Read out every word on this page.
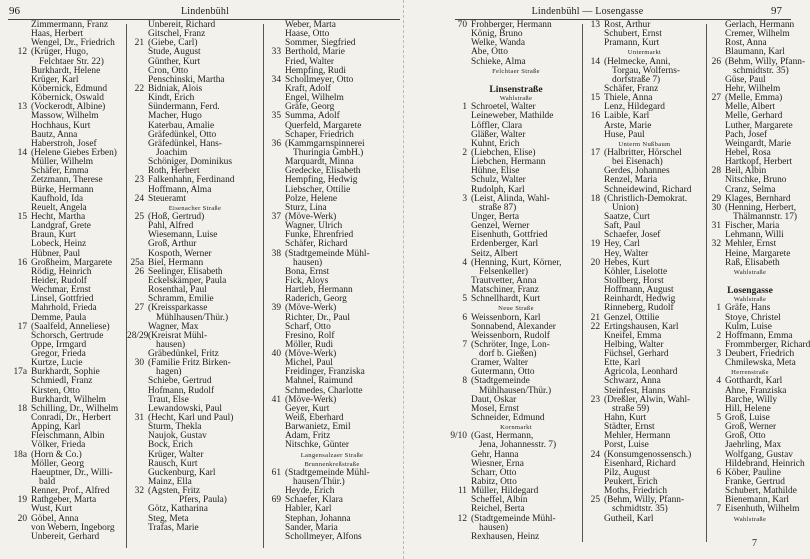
96	Lindenbühl
Zimmermann, Franz
Haas, Herbert
Wengel, Dr., Friedrich
12 (Krüger, Hugo,
Felchtaer Str. 22)
Burkhardt, Helene
Krüger, Karl
Köbernick, Edmund
Köbernick, Oswald
13 (Vockerodt, Albine)
Massow, Wilhelm
Hochhaus, Kurt
Bautz, Anna
Haberstroh, Josef
14 (Helene Giebes Erben)
Müller, Wilhelm
Schäfer, Emma
Zetzmann, Therese
Bürke, Hermann
Kaufhold, Ida
Reuelt, Angela
15 Hecht, Martha
Landgraf, Grete
Braun, Kurt
Lobeck, Heinz
Hübner, Paul
16 Großheim, Margarete
Rödig, Heinrich
Heider, Rudolf
Wechmar, Ernst
Linsel, Gottfried
Mahrhold, Frieda
Demme, Paula
17 (Saalfeld, Anneliese)
Schorsch, Gertrude
Oppe, Irmgard
Gregor, Frieda
Kurtze, Lucie
17a Burkhardt, Sophie
Schmiedl, Franz
Kirsten, Otto
Burkhardt, Wilhelm
18 Schilling, Dr., Wilhelm
Conradi, Dr., Herbert
Apping, Karl
Fleischmann, Albin
Völker, Frieda
18a (Horn & Co.)
Möller, Georg
Haeuptner, Dr., Willi-
bald
Renner, Prof., Alfred
19 Rathgeber, Marta
Wust, Kurt
20 Göbel, Anna
von Webern, Ingeborg
Unbereit, Gerhard
Unbereit, Richard
Gitschel, Franz
21 (Giebe, Carl)
Stude, August
Günther, Kurt
Cron, Otto
Penschinski, Martha
22 Bidniak, Alois
Kindt, Erich
Sündermann, Ferd.
Macher, Hugo
Katerbau, Amalie
Gräfedünkel, Otto
Gräfedünkel, Hans-
Joachim
Schöniger, Dominikus
Roth, Herbert
23 Falkenhahn, Ferdinand
Hoffmann, Alma
24 Steueramt
Eisenacher Straße
25 (Hoß, Gertrud)
Pahl, Alfred
Wiesemann, Luise
Groß, Arthur
Kospoth, Werner
25a Biel, Hermann
26 Seelinger, Elisabeth
Eckelskämper, Paula
Rosenthal, Paul
Schramm, Emilie
27 (Kreissparkasse
Mühlhausen/Thür.)
Wagner, Max
28/29 (Kreisrat Mühl-
hausen)
Gräbedünkel, Fritz
30 (Familie Fritz Birken-
hagen)
Schiebe, Gertrud
Hofmann, Rudolf
Traut, Else
Lewandowski, Paul
31 (Hecht, Karl und Paul)
Sturm, Thekla
Naujok, Gustav
Bock, Erich
Krüger, Walter
Rausch, Kurt
Guckenburg, Karl
Mainz, Ella
32 (Agsten, Fritz
Pfers, Paula)
Götz, Katharina
Steg, Meta
Trafas, Marie
Weber, Marta
Haase, Otto
Sommer, Siegfried
33 Berthold, Marie
Fried, Walter
Hempfing, Rudi
34 Schollmeyer, Otto
Kraft, Adolf
Engel, Wilhelm
Gräfe, Georg
35 Summa, Adolf
Querfeld, Margarete
Schaper, Friedrich
36 (Kammgarnspinnerei
Thuringia GmbH.)
Marquardt, Minna
Gredecke, Elisabeth
Hempfing, Hedwig
Liebscher, Ottilie
Polze, Helene
Sturz, Lina
37 (Möve-Werk)
Wagner, Ulrich
Funke, Ehrenfried
Schäfer, Richard
38 (Stadtgemeinde Mühl-
hausen)
Bona, Ernst
Fick, Aloys
Hartleb, Hermann
Raderich, Georg
39 (Möve-Werk)
Richter, Dr., Paul
Scharf, Otto
Fresino, Rolf
Möller, Rudi
40 (Möve-Werk)
Michel, Paul
Freidinger, Franziska
Mahnel, Raimund
Schmedes, Charlotte
41 (Möve-Werk)
Geyer, Kurt
Weiß, Eberhard
Barwanietz, Emil
Adam, Fritz
Nitschke, Günter
Langensalzaer Straße
Brunnenkreßstraße
61 (Stadtgemeinde Mühl-
hausen/Thür.)
Heyde, Erich
69 Schaefer, Klara
Habler, Karl
Stephan, Johanna
Sander, Maria
Schollmeyer, Alfons
Lindenbühl — Losengasse	97
70 Frohberger, Hermann
König, Bruno
Welke, Wanda
Abe, Otto
Schieke, Alma
Felchtaer Straße
Linsenstraße
Wahlstraße
1 Schroetel, Walter
Leineweber, Mathilde
Löffler, Clara
Gläßer, Walter
Kuhnt, Erich
2 (Liebchen, Elise)
Liebchen, Hermann
Hühne, Elise
Schulz, Walter
Rudolph, Karl
3 (Leist, Alinda, Wahl-
straße 87)
Unger, Berta
Genzel, Werner
Eisenhuth, Gottfried
Erdenberger, Karl
Seitz, Albert
4 (Henning, Kurt, Körner,
Felsenkeller)
Trautvetter, Anna
Matschiner, Franz
5 Schnellhardt, Kurt
Neue Straße
6 Weissenborn, Karl
Sonnabend, Alexander
Weissenborn, Rudolf
7 (Schröter, Inge, Lon-
dorf b. Gießen)
Cramer, Walter
Gutermann, Otto
8 (Stadtgemeinde
Mühlhausen/Thür.)
Daut, Oskar
Mosel, Ernst
Schneider, Edmund
Kornmarkt
9/10 (Gast, Hermann,
Jena, Johannesstr. 7)
Gehr, Hanna
Wiesner, Erna
Scharr, Otto
Rabitz, Otto
11 Müller, Hildegard
Scheffel, Albin
Reichel, Berta
12 (Stadtgemeinde Mühl-
hausen)
Rexhausen, Heinz
13 Rost, Arthur
Schubert, Ernst
Pramann, Kurt
Untermarkt
14 (Helmecke, Anni,
Torgau, Wolferns-
dorfstraße 7)
Schäfer, Franz
15 Thiele, Anna
Lenz, Hildegard
16 Laible, Karl
Arste, Marie
Huse, Paul
Unterm Nußbaum
17 (Halbritter, Hörschel
bei Eisenach)
Gerdes, Johannes
Renzel, Maria
Schneidewind, Richard
18 (Christlich-Demokrat.
Union)
Saatze, Curt
Saft, Paul
Schaefer, Josef
19 Hey, Carl
Hey, Walter
20 Hebes, Kurt
Köhler, Liselotte
Stollberg, Horst
Hoffmann, August
Reinhardt, Hedwig
Rinneberg, Rudolf
21 Genzel, Ottilie
22 Ertingshausen, Karl
Kneifel, Emma
Helbing, Walter
Füchsel, Gerhard
Ette, Karl
Agricola, Leonhard
Schwarz, Anna
Steinfest, Hanns
23 (Dreßler, Alwin, Wahl-
straße 59)
Hahn, Kurt
Städter, Ernst
Mehler, Hermann
Porst, Luise
24 (Konsumgenossensch.)
Eisenhard, Richard
Pilz, August
Peukert, Erich
Moths, Friedrich
25 (Behm, Willy, Pfann-
schmidtstr. 35)
Gutheil, Karl
Gerlach, Hermann
Cremer, Wilhelm
Rost, Anna
Blaumann, Karl
26 (Behm, Willy, Pfann-
schmidtstr. 35)
Güse, Paul
Hehr, Wilhelm
27 (Melle, Emma)
Melle, Albert
Melle, Gerhard
Luther, Margarete
Pach, Josef
Weingardt, Marie
Hebel, Rosa
Hartkopf, Herbert
28 Beil, Albin
Nitschke, Bruno
Cranz, Selma
29 Klages, Bernhard
30 (Henning, Herbert,
Thälmannstr. 17)
31 Fischer, Maria
Lehmann, Willi
32 Mehler, Ernst
Heine, Margarete
Raß, Elisabeth
Wahlstraße
Losengasse
Wahlstraße
1 Gräfe, Hans
Stoye, Christel
Kulm, Luise
2 Hoffmann, Emma
Frommberger, Richard
3 Deubert, Friedrich
Chmilewska, Meta
Herrenstraße
4 Gotthardt, Karl
Ahne, Franziska
Barche, Willy
Hill, Helene
5 Groß, Luise
Groß, Werner
Groß, Otto
Jaehrling, Max
Wolfgang, Gustav
Hildebrand, Heinrich
6 Köber, Pauline
Franke, Gertrud
Schubert, Mathilde
Bienemann, Karl
7 Eisenhuth, Wilhelm
Wahlstraße
7
